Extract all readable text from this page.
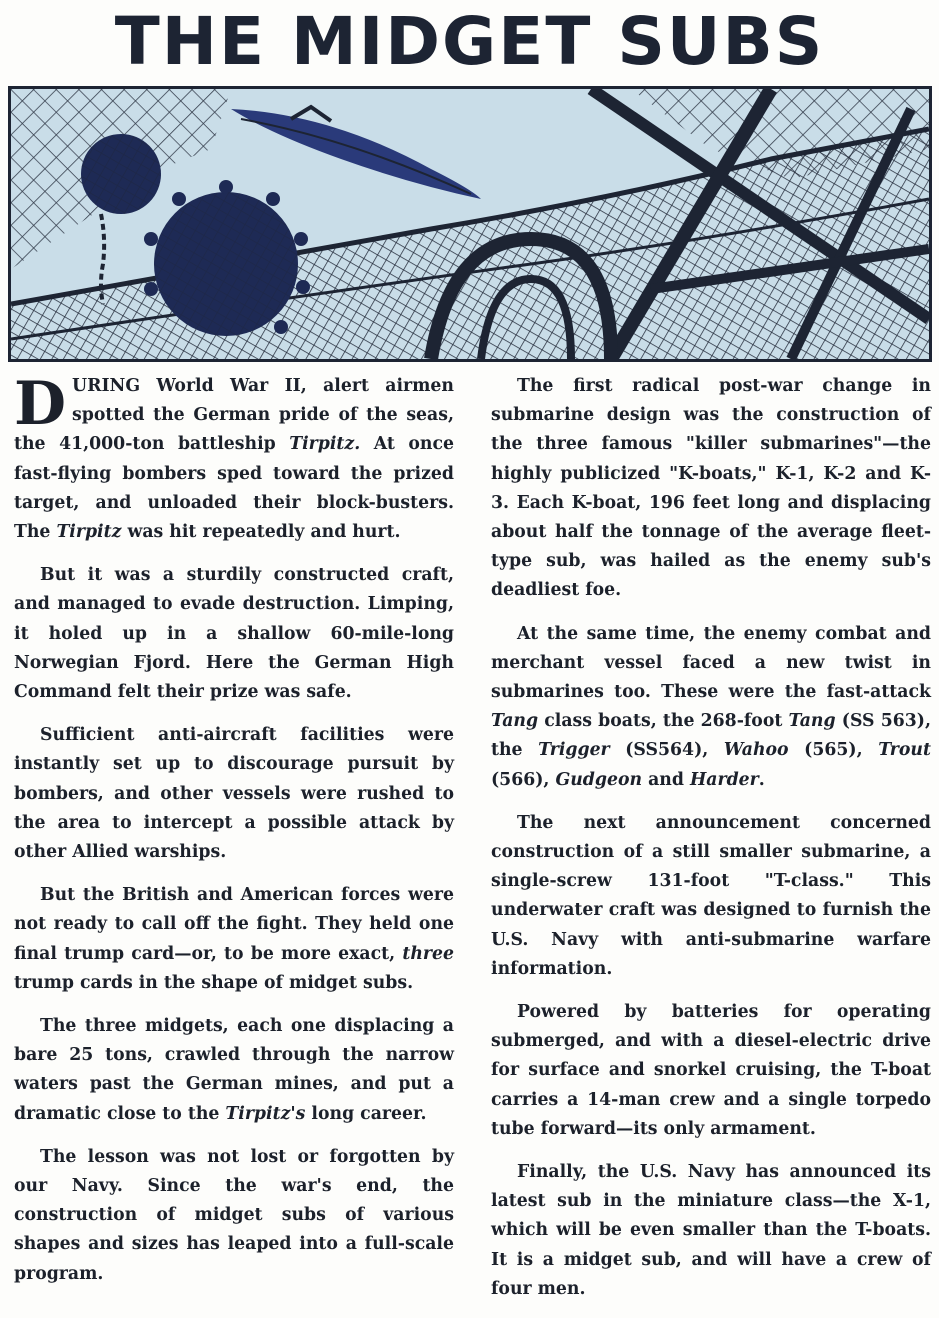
THE MIDGET SUBS

DURING World War II, alert airmen spotted the German pride of the seas, the 41,000-ton battleship Tirpitz. At once fast-flying bombers sped toward the prized target, and unloaded their block-busters. The Tirpitz was hit repeatedly and hurt.

But it was a sturdily constructed craft, and managed to evade destruction. Limping, it holed up in a shallow 60-mile-long Norwegian Fjord. Here the German High Command felt their prize was safe.

Sufficient anti-aircraft facilities were instantly set up to discourage pursuit by bombers, and other vessels were rushed to the area to intercept a possible attack by other Allied warships.

But the British and American forces were not ready to call off the fight. They held one final trump card—or, to be more exact, three trump cards in the shape of midget subs.

The three midgets, each one displacing a bare 25 tons, crawled through the narrow waters past the German mines, and put a dramatic close to the Tirpitz's long career.

The lesson was not lost or forgotten by our Navy. Since the war's end, the construction of midget subs of various shapes and sizes has leaped into a full-scale program.

The first radical post-war change in submarine design was the construction of the three famous "killer submarines"—the highly publicized "K-boats," K-1, K-2 and K-3. Each K-boat, 196 feet long and displacing about half the tonnage of the average fleet-type sub, was hailed as the enemy sub's deadliest foe.

At the same time, the enemy combat and merchant vessel faced a new twist in submarines too. These were the fast-attack Tang class boats, the 268-foot Tang (SS 563), the Trigger (SS564), Wahoo (565), Trout (566), Gudgeon and Harder.

The next announcement concerned construction of a still smaller submarine, a single-screw 131-foot "T-class." This underwater craft was designed to furnish the U.S. Navy with anti-submarine warfare information.

Powered by batteries for operating submerged, and with a diesel-electric drive for surface and snorkel cruising, the T-boat carries a 14-man crew and a single torpedo tube forward—its only armament.

Finally, the U.S. Navy has announced its latest sub in the miniature class—the X-1, which will be even smaller than the T-boats. It is a midget sub, and will have a crew of four men.
